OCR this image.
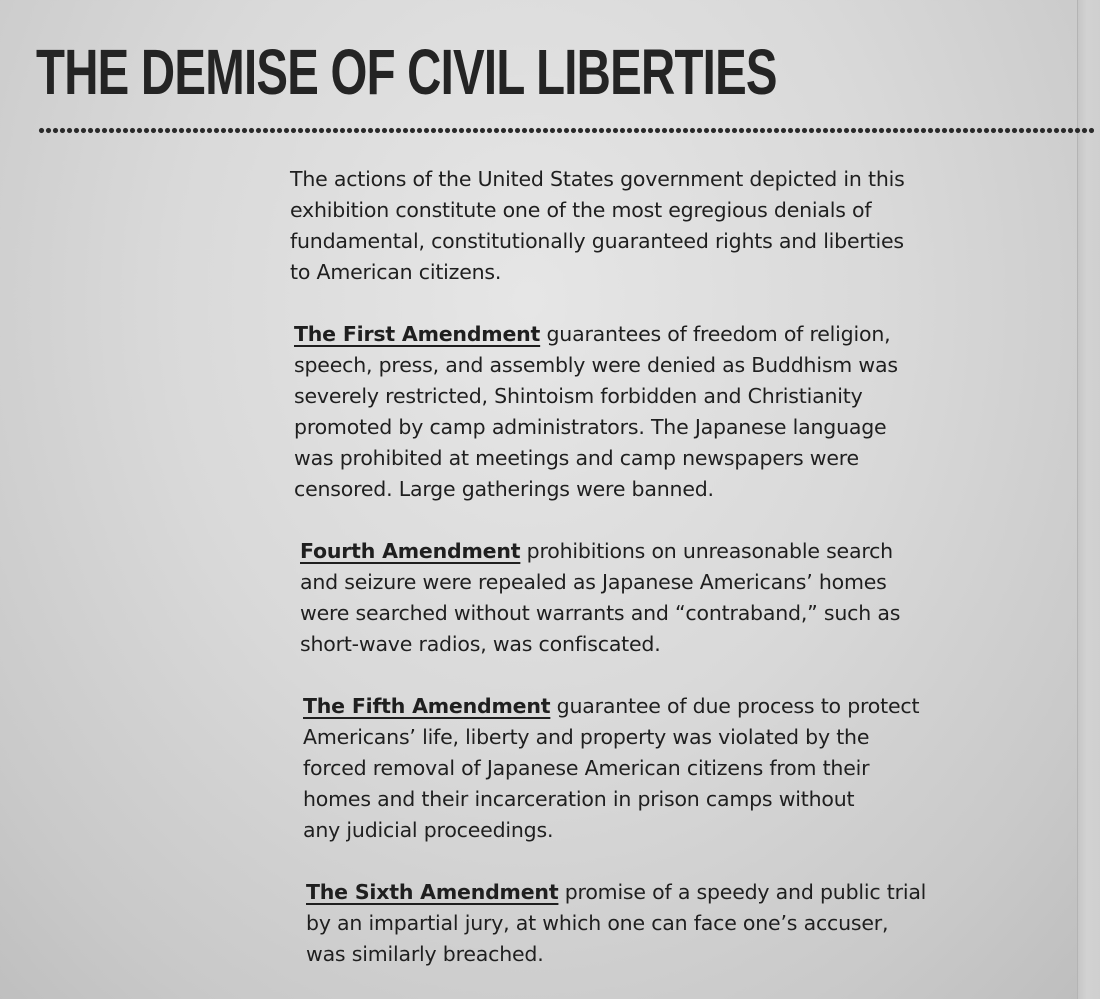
THE DEMISE OF CIVIL LIBERTIES

The actions of the United States government depicted in this
exhibition constitute one of the most egregious denials of
fundamental, constitutionally guaranteed rights and liberties
to American citizens.

The First Amendment guarantees of freedom of religion,
speech, press, and assembly were denied as Buddhism was
severely restricted, Shintoism forbidden and Christianity
promoted by camp administrators. The Japanese language
was prohibited at meetings and camp newspapers were
censored. Large gatherings were banned.

Fourth Amendment prohibitions on unreasonable search
and seizure were repealed as Japanese Americans’ homes
were searched without warrants and “contraband,” such as
short-wave radios, was confiscated.

The Fifth Amendment guarantee of due process to protect
Americans’ life, liberty and property was violated by the
forced removal of Japanese American citizens from their
homes and their incarceration in prison camps without
any judicial proceedings.

The Sixth Amendment promise of a speedy and public trial
by an impartial jury, at which one can face one’s accuser,
was similarly breached.
